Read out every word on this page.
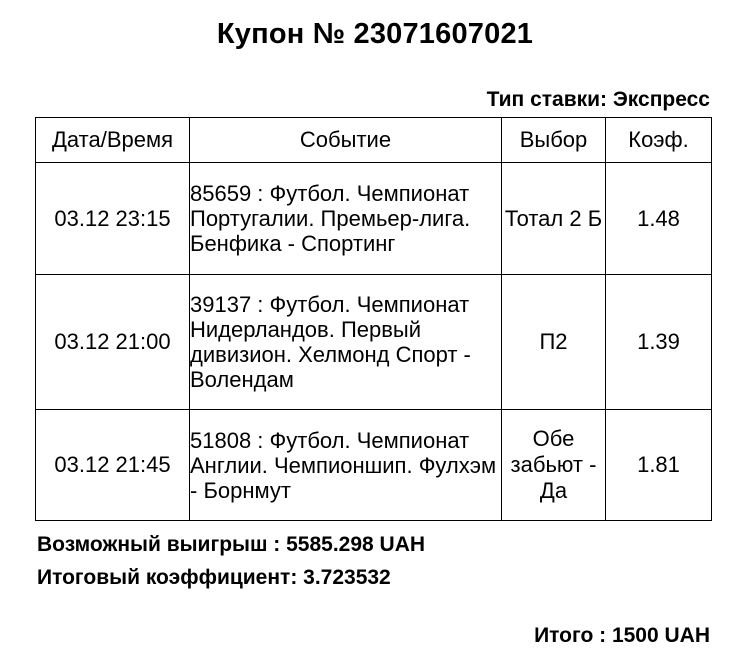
Купон № 23071607021
Тип ставки: Экспресс
Дата/Время	Событие	Выбор	Коэф.
03.12 23:15	85659 : Футбол. Чемпионат Португалии. Премьер-лига. Бенфика - Спортинг	Тотал 2 Б	1.48
03.12 21:00	39137 : Футбол. Чемпионат Нидерландов. Первый дивизион. Хелмонд Спорт - Волендам	П2	1.39
03.12 21:45	51808 : Футбол. Чемпионат Англии. Чемпионшип. Фулхэм - Борнмут	Обе забьют - Да	1.81
Возможный выигрыш : 5585.298 UAH
Итоговый коэффициент: 3.723532
Итого : 1500 UAH
